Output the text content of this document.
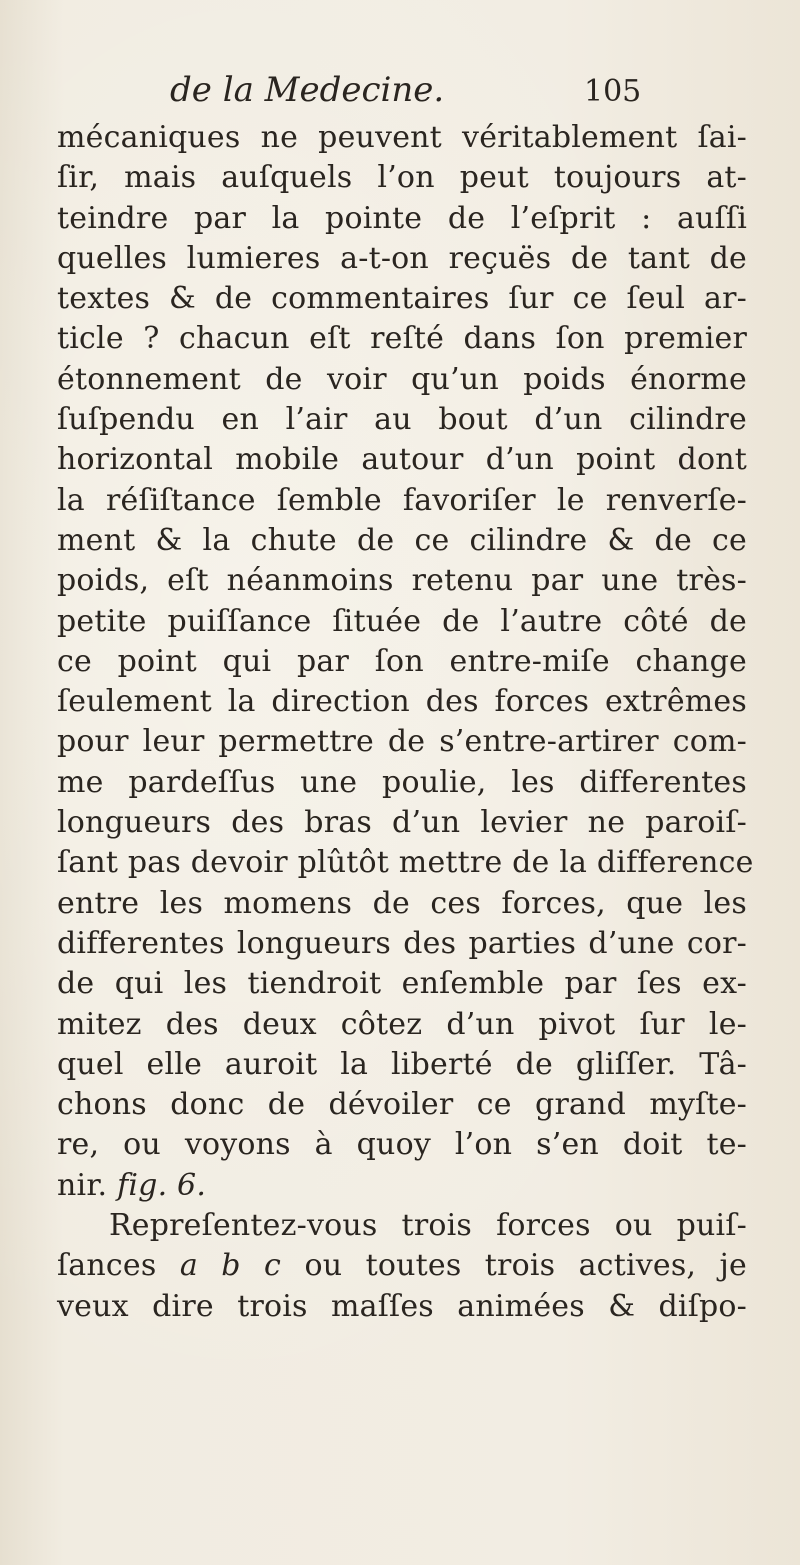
de la Medecine.	105
mécaniques ne peuvent véritablement ſai-
ſir, mais auſquels l’on peut toujours at-
teindre par la pointe de l’eſprit : auſſi
quelles lumieres a-t-on reçuës de tant de
textes & de commentaires ſur ce ſeul ar-
ticle ? chacun eſt reſté dans ſon premier
étonnement de voir qu’un poids énorme
ſuſpendu en l’air au bout d’un cilindre
horizontal mobile autour d’un point dont
la réſiſtance ſemble favoriſer le renverſe-
ment & la chute de ce cilindre & de ce
poids, eſt néanmoins retenu par une très-
petite puiſſance ſituée de l’autre côté de
ce point qui par ſon entre-miſe change
ſeulement la direction des forces extrêmes
pour leur permettre de s’entre-artirer com-
me pardeſſus une poulie, les differentes
longueurs des bras d’un levier ne paroiſ-
ſant pas devoir plûtôt mettre de la difference
entre les momens de ces forces, que les
differentes longueurs des parties d’une cor-
de qui les tiendroit enſemble par ſes ex-
mitez des deux côtez d’un pivot ſur le-
quel elle auroit la liberté de gliſſer. Tâ-
chons donc de dévoiler ce grand myſte-
re, ou voyons à quoy l’on s’en doit te-
nir. fig. 6.
Repreſentez-vous trois forces ou puiſ-
ſances a b c ou toutes trois actives, je
veux dire trois maſſes animées & diſpo-
